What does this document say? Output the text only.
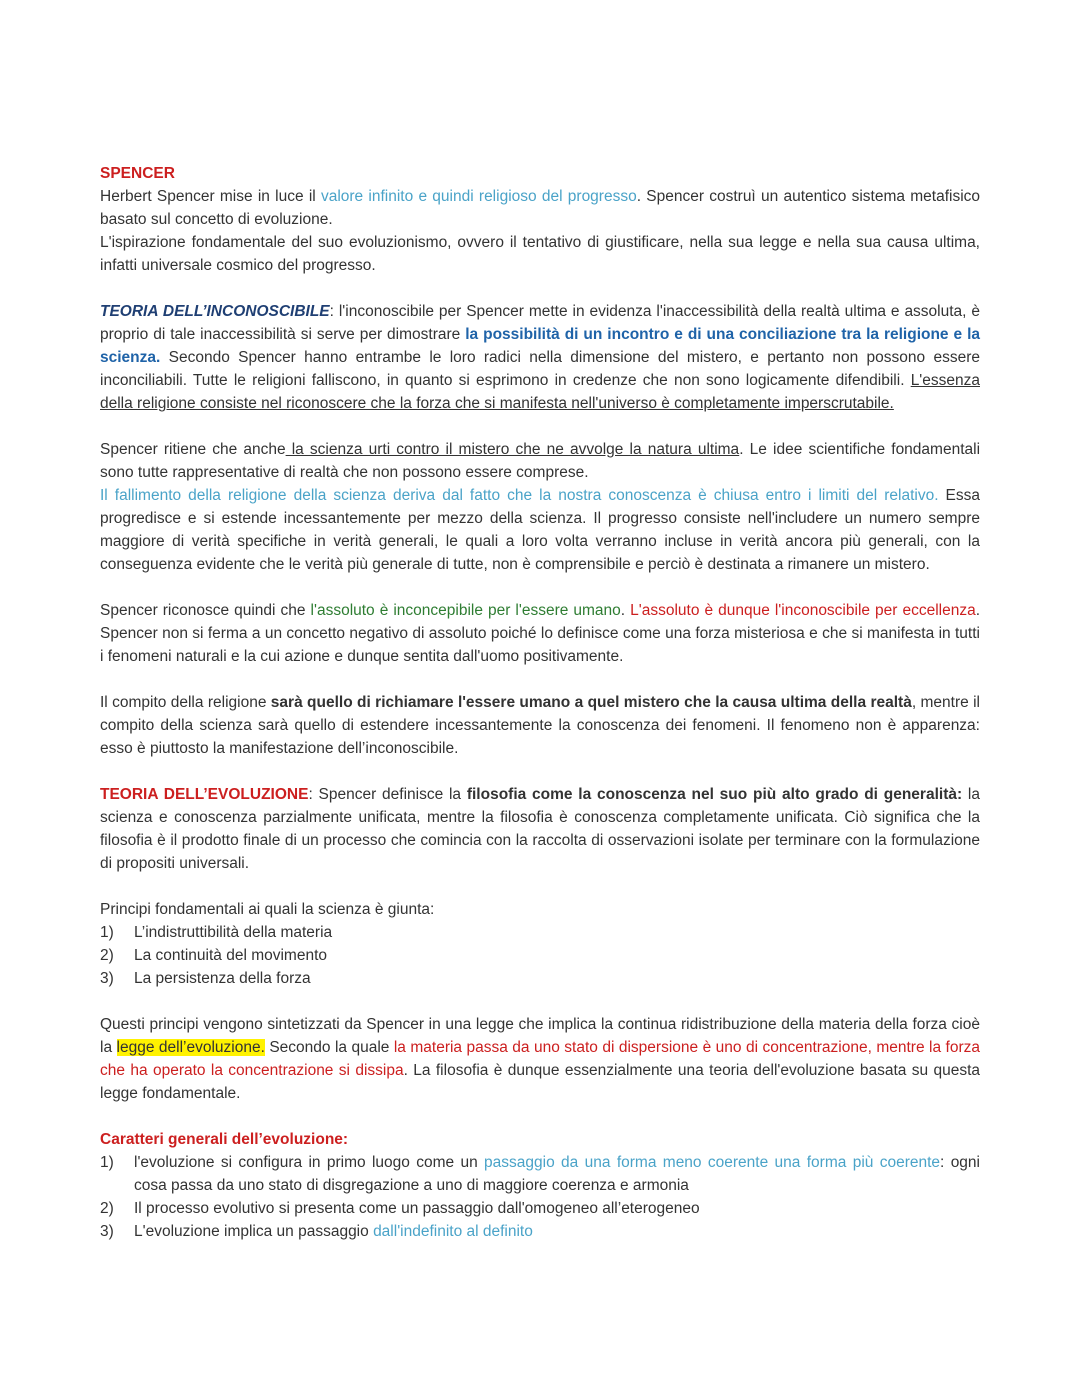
SPENCER

Herbert Spencer mise in luce il valore infinito e quindi religioso del progresso. Spencer costruì un autentico sistema metafisico basato sul concetto di evoluzione.

L'ispirazione fondamentale del suo evoluzionismo, ovvero il tentativo di giustificare, nella sua legge e nella sua causa ultima, infatti universale cosmico del progresso.

TEORIA DELL’INCONOSCIBILE: l'inconoscibile per Spencer mette in evidenza l'inaccessibilità della realtà ultima e assoluta, è proprio di tale inaccessibilità si serve per dimostrare la possibilità di un incontro e di una conciliazione tra la religione e la scienza. Secondo Spencer hanno entrambe le loro radici nella dimensione del mistero, e pertanto non possono essere inconciliabili. Tutte le religioni falliscono, in quanto si esprimono in credenze che non sono logicamente difendibili. L'essenza della religione consiste nel riconoscere che la forza che si manifesta nell'universo è completamente imperscrutabile.

Spencer ritiene che anche la scienza urti contro il mistero che ne avvolge la natura ultima. Le idee scientifiche fondamentali sono tutte rappresentative di realtà che non possono essere comprese.

Il fallimento della religione della scienza deriva dal fatto che la nostra conoscenza è chiusa entro i limiti del relativo. Essa progredisce e si estende incessantemente per mezzo della scienza. Il progresso consiste nell'includere un numero sempre maggiore di verità specifiche in verità generali, le quali a loro volta verranno incluse in verità ancora più generali, con la conseguenza evidente che le verità più generale di tutte, non è comprensibile e perciò è destinata a rimanere un mistero.

Spencer riconosce quindi che l'assoluto è inconcepibile per l'essere umano. L'assoluto è dunque l'inconoscibile per eccellenza. Spencer non si ferma a un concetto negativo di assoluto poiché lo definisce come una forza misteriosa e che si manifesta in tutti i fenomeni naturali e la cui azione e dunque sentita dall'uomo positivamente.

Il compito della religione sarà quello di richiamare l'essere umano a quel mistero che la causa ultima della realtà, mentre il compito della scienza sarà quello di estendere incessantemente la conoscenza dei fenomeni. Il fenomeno non è apparenza: esso è piuttosto la manifestazione dell’inconoscibile.

TEORIA DELL’EVOLUZIONE: Spencer definisce la filosofia come la conoscenza nel suo più alto grado di generalità: la scienza e conoscenza parzialmente unificata, mentre la filosofia è conoscenza completamente unificata. Ciò significa che la filosofia è il prodotto finale di un processo che comincia con la raccolta di osservazioni isolate per terminare con la formulazione di propositi universali.

Principi fondamentali ai quali la scienza è giunta:

1)	L’indistruttibilità della materia
2)	La continuità del movimento
3)	La persistenza della forza

Questi principi vengono sintetizzati da Spencer in una legge che implica la continua ridistribuzione della materia della forza cioè la legge dell’evoluzione. Secondo la quale la materia passa da uno stato di dispersione è uno di concentrazione, mentre la forza che ha operato la concentrazione si dissipa. La filosofia è dunque essenzialmente una teoria dell'evoluzione basata su questa legge fondamentale.

Caratteri generali dell’evoluzione:

1)	l'evoluzione si configura in primo luogo come un passaggio da una forma meno coerente una forma più coerente: ogni cosa passa da uno stato di disgregazione a uno di maggiore coerenza e armonia
2)	Il processo evolutivo si presenta come un passaggio dall'omogeneo all’eterogeneo
3)	L'evoluzione implica un passaggio dall'indefinito al definito
